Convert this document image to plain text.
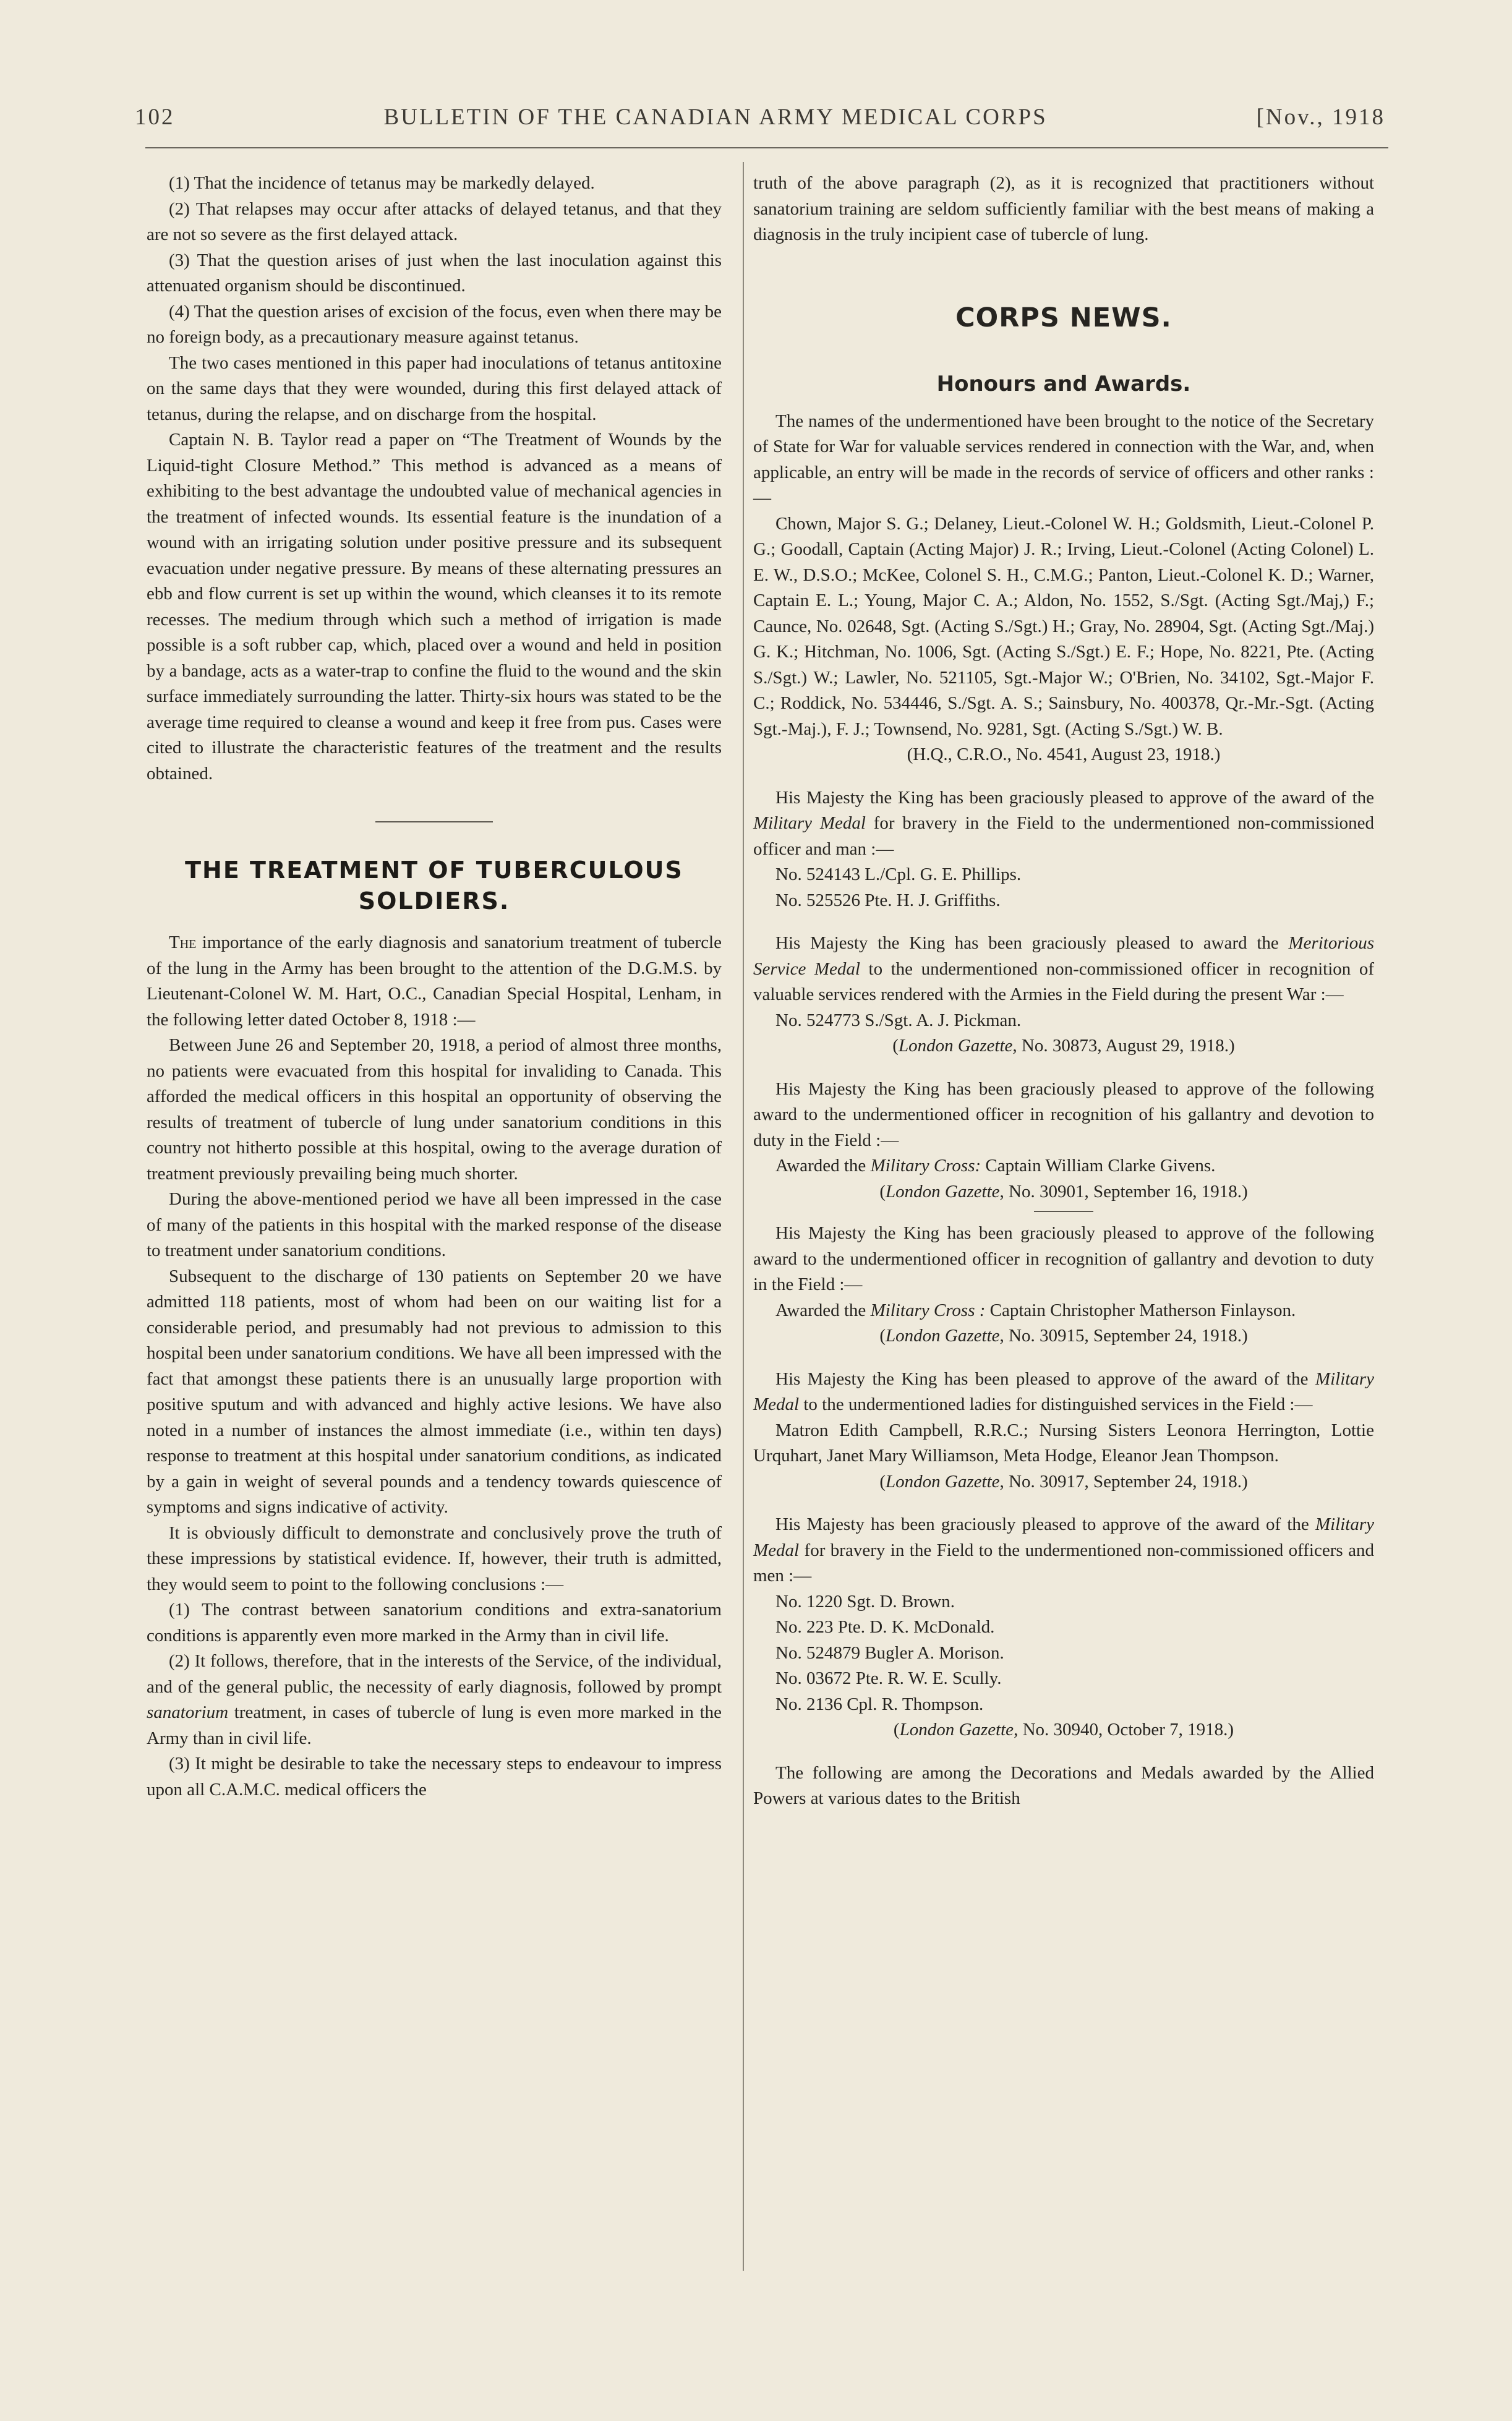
102	BULLETIN OF THE CANADIAN ARMY MEDICAL CORPS	[Nov., 1918

(1) That the incidence of tetanus may be markedly delayed.

(2) That relapses may occur after attacks of delayed tetanus, and that they are not so severe as the first delayed attack.

(3) That the question arises of just when the last inoculation against this attenuated organism should be discontinued.

(4) That the question arises of excision of the focus, even when there may be no foreign body, as a precautionary measure against tetanus.

The two cases mentioned in this paper had inoculations of tetanus antitoxine on the same days that they were wounded, during this first delayed attack of tetanus, during the relapse, and on discharge from the hospital.

Captain N. B. Taylor read a paper on “The Treatment of Wounds by the Liquid-tight Closure Method.” This method is advanced as a means of exhibiting to the best advantage the undoubted value of mechanical agencies in the treatment of infected wounds. Its essential feature is the inundation of a wound with an irrigating solution under positive pressure and its subsequent evacuation under negative pressure. By means of these alternating pressures an ebb and flow current is set up within the wound, which cleanses it to its remote recesses. The medium through which such a method of irrigation is made possible is a soft rubber cap, which, placed over a wound and held in position by a bandage, acts as a water-trap to confine the fluid to the wound and the skin surface immediately surrounding the latter. Thirty-six hours was stated to be the average time required to cleanse a wound and keep it free from pus. Cases were cited to illustrate the characteristic features of the treatment and the results obtained.

THE TREATMENT OF TUBERCULOUS
SOLDIERS.

The importance of the early diagnosis and sanatorium treatment of tubercle of the lung in the Army has been brought to the attention of the D.G.M.S. by Lieutenant-Colonel W. M. Hart, O.C., Canadian Special Hospital, Lenham, in the following letter dated October 8, 1918 :—

Between June 26 and September 20, 1918, a period of almost three months, no patients were evacuated from this hospital for invaliding to Canada. This afforded the medical officers in this hospital an opportunity of observing the results of treatment of tubercle of lung under sanatorium conditions in this country not hitherto possible at this hospital, owing to the average duration of treatment previously prevailing being much shorter.

During the above-mentioned period we have all been impressed in the case of many of the patients in this hospital with the marked response of the disease to treatment under sanatorium conditions.

Subsequent to the discharge of 130 patients on September 20 we have admitted 118 patients, most of whom had been on our waiting list for a considerable period, and presumably had not previous to admission to this hospital been under sanatorium conditions. We have all been impressed with the fact that amongst these patients there is an unusually large proportion with positive sputum and with advanced and highly active lesions. We have also noted in a number of instances the almost immediate (i.e., within ten days) response to treatment at this hospital under sanatorium conditions, as indicated by a gain in weight of several pounds and a tendency towards quiescence of symptoms and signs indicative of activity.

It is obviously difficult to demonstrate and conclusively prove the truth of these impressions by statistical evidence. If, however, their truth is admitted, they would seem to point to the following conclusions :—

(1) The contrast between sanatorium conditions and extra-sanatorium conditions is apparently even more marked in the Army than in civil life.

(2) It follows, therefore, that in the interests of the Service, of the individual, and of the general public, the necessity of early diagnosis, followed by prompt sanatorium treatment, in cases of tubercle of lung is even more marked in the Army than in civil life.

(3) It might be desirable to take the necessary steps to endeavour to impress upon all C.A.M.C. medical officers the

truth of the above paragraph (2), as it is recognized that practitioners without sanatorium training are seldom sufficiently familiar with the best means of making a diagnosis in the truly incipient case of tubercle of lung.

CORPS NEWS.
Honours and Awards.

The names of the undermentioned have been brought to the notice of the Secretary of State for War for valuable services rendered in connection with the War, and, when applicable, an entry will be made in the records of service of officers and other ranks :—

Chown, Major S. G.; Delaney, Lieut.-Colonel W. H.; Goldsmith, Lieut.-Colonel P. G.; Goodall, Captain (Acting Major) J. R.; Irving, Lieut.-Colonel (Acting Colonel) L. E. W., D.S.O.; McKee, Colonel S. H., C.M.G.; Panton, Lieut.-Colonel K. D.; Warner, Captain E. L.; Young, Major C. A.; Aldon, No. 1552, S./Sgt. (Acting Sgt./Maj,) F.; Caunce, No. 02648, Sgt. (Acting S./Sgt.) H.; Gray, No. 28904, Sgt. (Acting Sgt./Maj.) G. K.; Hitchman, No. 1006, Sgt. (Acting S./Sgt.) E. F.; Hope, No. 8221, Pte. (Acting S./Sgt.) W.; Lawler, No. 521105, Sgt.-Major W.; O'Brien, No. 34102, Sgt.-Major F. C.; Roddick, No. 534446, S./Sgt. A. S.; Sainsbury, No. 400378, Qr.-Mr.-Sgt. (Acting Sgt.-Maj.), F. J.; Townsend, No. 9281, Sgt. (Acting S./Sgt.) W. B.

(H.Q., C.R.O., No. 4541, August 23, 1918.)

His Majesty the King has been graciously pleased to approve of the award of the Military Medal for bravery in the Field to the undermentioned non-commissioned officer and man :—

No. 524143 L./Cpl. G. E. Phillips.

No. 525526 Pte. H. J. Griffiths.

His Majesty the King has been graciously pleased to award the Meritorious Service Medal to the undermentioned non-commissioned officer in recognition of valuable services rendered with the Armies in the Field during the present War :—

No. 524773 S./Sgt. A. J. Pickman.

(London Gazette, No. 30873, August 29, 1918.)

His Majesty the King has been graciously pleased to approve of the following award to the undermentioned officer in recognition of his gallantry and devotion to duty in the Field :—

Awarded the Military Cross: Captain William Clarke Givens.

(London Gazette, No. 30901, September 16, 1918.)

His Majesty the King has been graciously pleased to approve of the following award to the undermentioned officer in recognition of gallantry and devotion to duty in the Field :—

Awarded the Military Cross : Captain Christopher Matherson Finlayson.

(London Gazette, No. 30915, September 24, 1918.)

His Majesty the King has been pleased to approve of the award of the Military Medal to the undermentioned ladies for distinguished services in the Field :—

Matron Edith Campbell, R.R.C.; Nursing Sisters Leonora Herrington, Lottie Urquhart, Janet Mary Williamson, Meta Hodge, Eleanor Jean Thompson.

(London Gazette, No. 30917, September 24, 1918.)

His Majesty has been graciously pleased to approve of the award of the Military Medal for bravery in the Field to the undermentioned non-commissioned officers and men :—

No. 1220 Sgt. D. Brown.

No. 223 Pte. D. K. McDonald.

No. 524879 Bugler A. Morison.

No. 03672 Pte. R. W. E. Scully.

No. 2136 Cpl. R. Thompson.

(London Gazette, No. 30940, October 7, 1918.)

The following are among the Decorations and Medals awarded by the Allied Powers at various dates to the British
